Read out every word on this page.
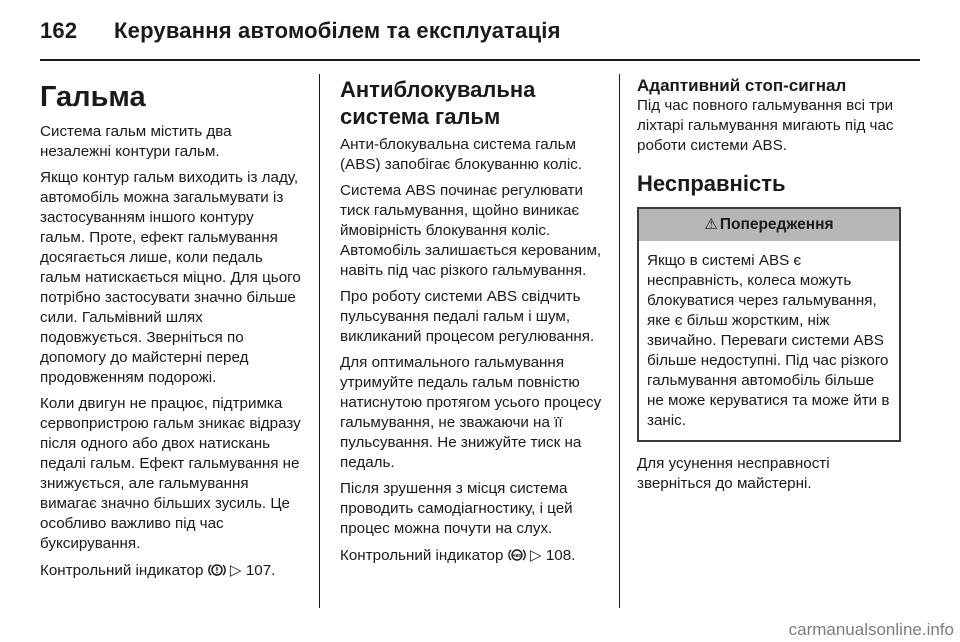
162 Керування автомобілем та експлуатація
Гальма

Система гальм містить два незалежні контури гальм.

Якщо контур гальм виходить із ладу, автомобіль можна загальмувати із застосуванням іншого контуру гальм. Проте, ефект гальмування досягається лише, коли педаль гальм натискається міцно. Для цього потрібно застосувати значно більше сили. Гальмівний шлях подовжується. Зверніться по допомогу до майстерні перед продовженням подорожі.

Коли двигун не працює, підтримка сервопристрою гальм зникає відразу після одного або двох натискань педалі гальм. Ефект гальмування не знижується, але гальмування вимагає значно більших зусиль. Це особливо важливо під час буксирування.

Контрольний індикатор ▷ 107.

Антиблокувальна система гальм

Анти-блокувальна система гальм (ABS) запобігає блокуванню коліс.

Система ABS починає регулювати тиск гальмування, щойно виникає ймовірність блокування коліс. Автомобіль залишається керованим, навіть під час різкого гальмування.

Про роботу системи ABS свідчить пульсування педалі гальм і шум, викликаний процесом регулювання.

Для оптимального гальмування утримуйте педаль гальм повністю натиснутою протягом усього процесу гальмування, не зважаючи на її пульсування. Не знижуйте тиск на педаль.

Після зрушення з місця система проводить самодіагностику, і цей процес можна почути на слух.

Контрольний індикатор ABS ▷ 108.

Адаптивний стоп-сигнал

Під час повного гальмування всі три ліхтарі гальмування мигають під час роботи системи ABS.

Несправність
⚠ Попередження
Якщо в системі ABS є несправність, колеса можуть блокуватися через гальмування, яке є більш жорстким, ніж звичайно. Переваги системи ABS більше недоступні. Під час різкого гальмування автомобіль більше не може керуватися та може йти в заніс.

Для усунення несправності зверніться до майстерні.

carmanualsonline.info
